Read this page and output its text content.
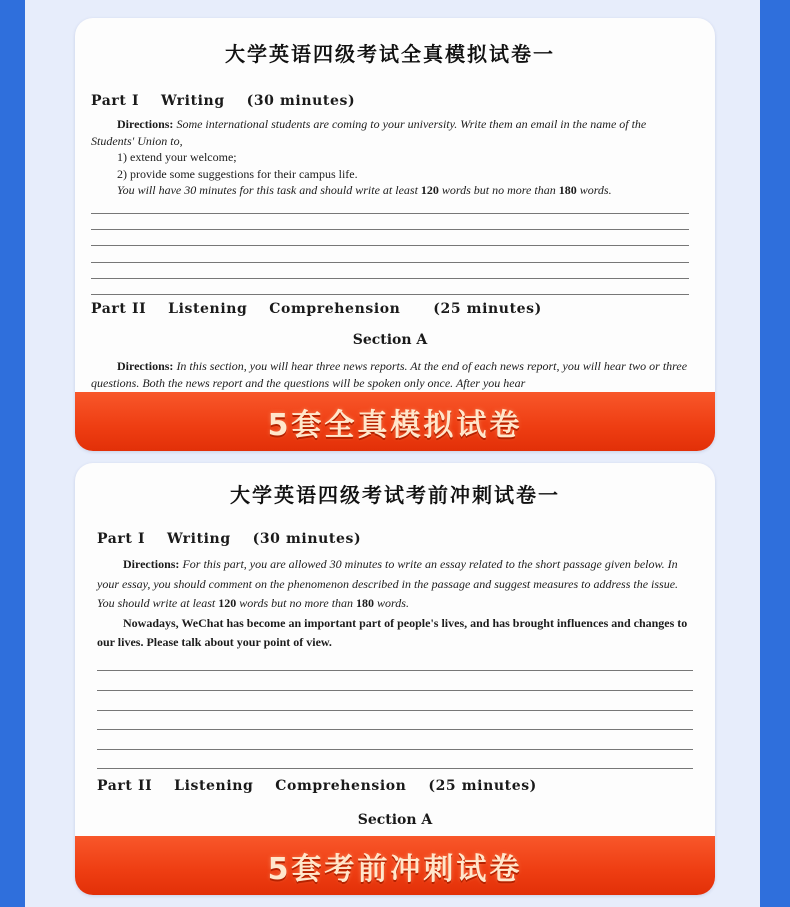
大学英语四级考试全真模拟试卷一
Part I    Writing    (30 minutes)
Directions: Some international students are coming to your university. Write them an email in the name of the Students' Union to,
1) extend your welcome;
2) provide some suggestions for their campus life.
You will have 30 minutes for this task and should write at least 120 words but no more than 180 words.
Part II    Listening    Comprehension      (25 minutes)
Section A
Directions: In this section, you will hear three news reports. At the end of each news report, you will hear two or three questions. Both the news report and the questions will be spoken only once. After you hear
5套全真模拟试卷
大学英语四级考试考前冲刺试卷一
Part I    Writing    (30 minutes)
Directions: For this part, you are allowed 30 minutes to write an essay related to the short passage given below. In your essay, you should comment on the phenomenon described in the passage and suggest measures to address the issue. You should write at least 120 words but no more than 180 words.
Nowadays, WeChat has become an important part of people's lives, and has brought influences and changes to our lives. Please talk about your point of view.
Part II    Listening    Comprehension    (25 minutes)
Section A
5套考前冲刺试卷
